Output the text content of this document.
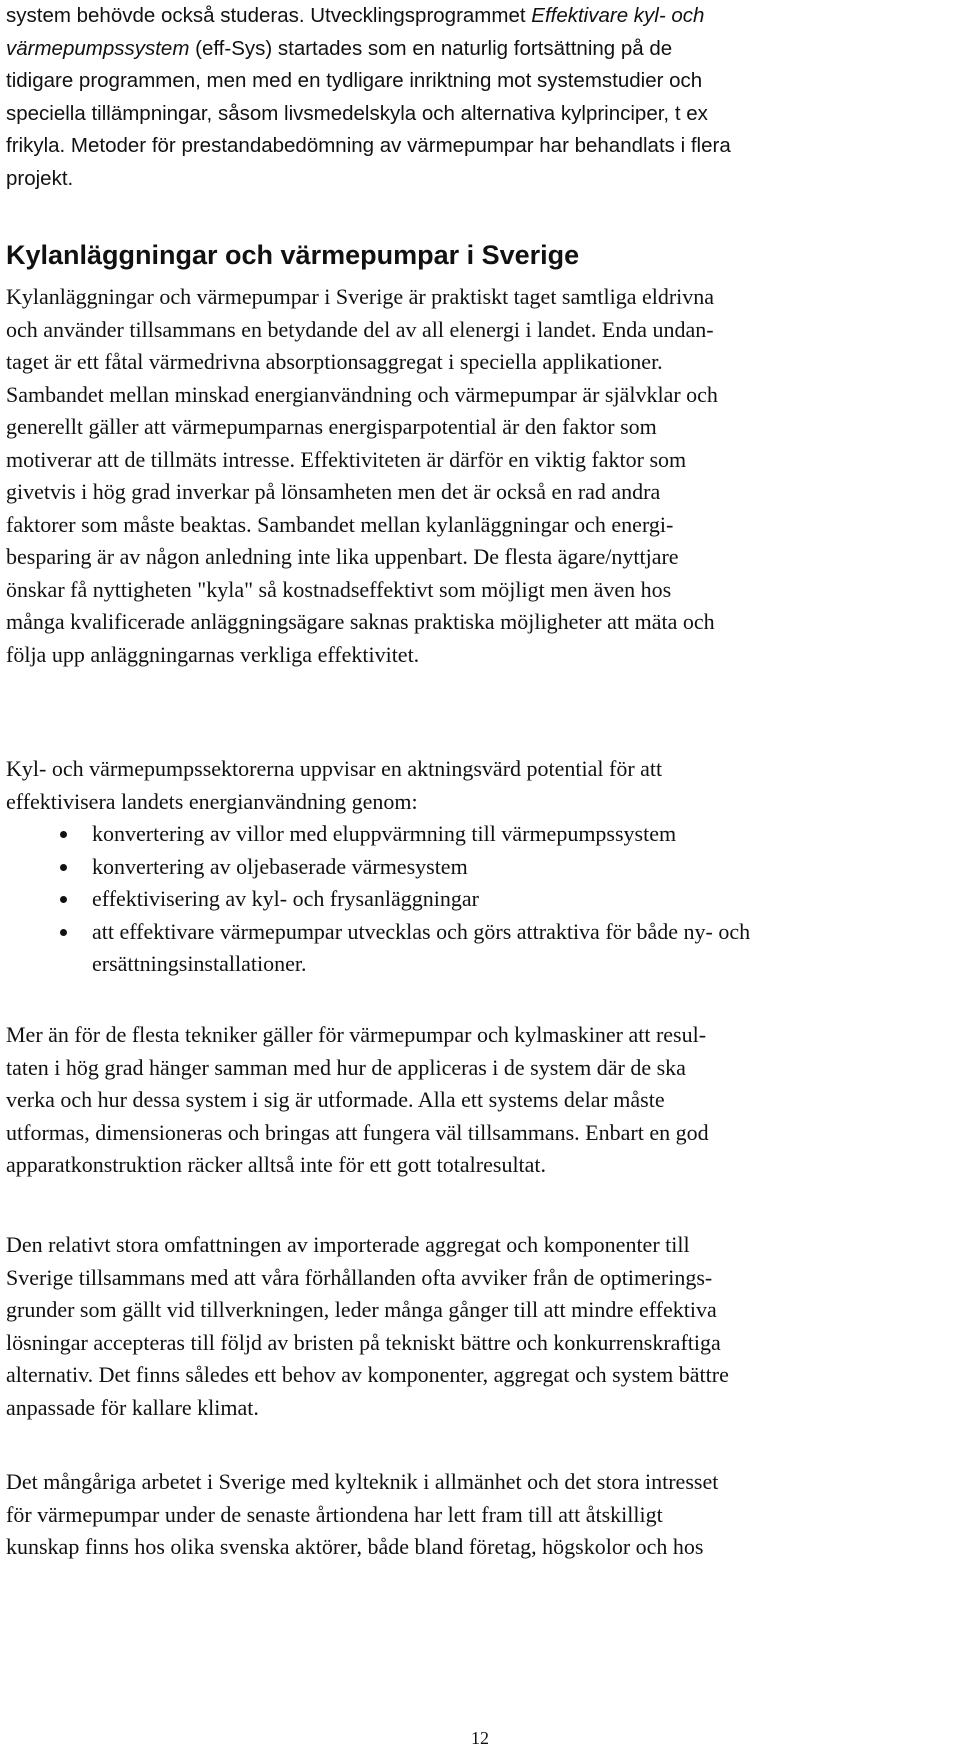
system behövde också studeras. Utvecklingsprogrammet Effektivare kyl- och
värmepumpssystem (eff-Sys) startades som en naturlig fortsättning på de
tidigare programmen, men med en tydligare inriktning mot systemstudier och
speciella tillämpningar, såsom livsmedelskyla och alternativa kylprinciper, t ex
frikyla. Metoder för prestandabedömning av värmepumpar har behandlats i flera
projekt.
Kylanläggningar och värmepumpar i Sverige
Kylanläggningar och värmepumpar i Sverige är praktiskt taget samtliga eldrivna
och använder tillsammans en betydande del av all elenergi i landet. Enda undan-
taget är ett fåtal värmedrivna absorptionsaggregat i speciella applikationer.
Sambandet mellan minskad energianvändning och värmepumpar är självklar och
generellt gäller att värmepumparnas energisparpotential är den faktor som
motiverar att de tillmäts intresse. Effektiviteten är därför en viktig faktor som
givetvis i hög grad inverkar på lönsamheten men det är också en rad andra
faktorer som måste beaktas. Sambandet mellan kylanläggningar och energi-
besparing är av någon anledning inte lika uppenbart. De flesta ägare/nyttjare
önskar få nyttigheten "kyla" så kostnadseffektivt som möjligt men även hos
många kvalificerade anläggningsägare saknas praktiska möjligheter att mäta och
följa upp anläggningarnas verkliga effektivitet.
Kyl- och värmepumpssektorerna uppvisar en aktningsvärd potential för att
effektivisera landets energianvändning genom:
konvertering av villor med eluppvärmning till värmepumpssystem
konvertering av oljebaserade värmesystem
effektivisering av kyl- och frysanläggningar
att effektivare värmepumpar utvecklas och görs attraktiva för både ny- och
ersättningsinstallationer.
Mer än för de flesta tekniker gäller för värmepumpar och kylmaskiner att resul-
taten i hög grad hänger samman med hur de appliceras i de system där de ska
verka och hur dessa system i sig är utformade. Alla ett systems delar måste
utformas, dimensioneras och bringas att fungera väl tillsammans. Enbart en god
apparatkonstruktion räcker alltså inte för ett gott totalresultat.
Den relativt stora omfattningen av importerade aggregat och komponenter till
Sverige tillsammans med att våra förhållanden ofta avviker från de optimerings-
grunder som gällt vid tillverkningen, leder många gånger till att mindre effektiva
lösningar accepteras till följd av bristen på tekniskt bättre och konkurrenskraftiga
alternativ. Det finns således ett behov av komponenter, aggregat och system bättre
anpassade för kallare klimat.
Det mångåriga arbetet i Sverige med kylteknik i allmänhet och det stora intresset
för värmepumpar under de senaste årtiondena har lett fram till att åtskilligt
kunskap finns hos olika svenska aktörer, både bland företag, högskolor och hos
12
